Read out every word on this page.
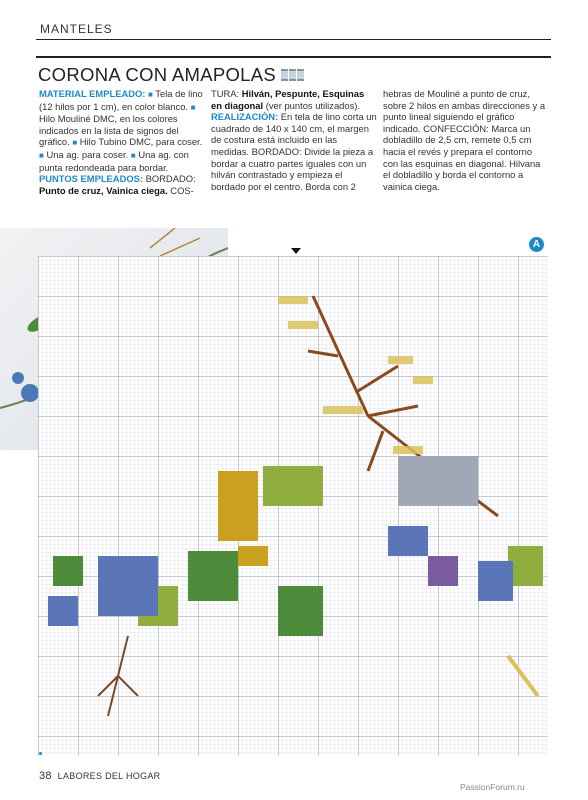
MANTELES
CORONA CON AMAPOLAS
MATERIAL EMPLEADO: ■ Tela de lino (12 hilos por 1 cm), en color blanco. ■ Hilo Mouliné DMC, en los colores indicados en la lista de signos del gráfico. ■ Hilo Tubino DMC, para coser. ■ Una ag. para coser. ■ Una ag. con punta redondeada para bordar. PUNTOS EMPLEADOS: BORDADO: Punto de cruz, Vainica ciega. COS-
TURA: Hilván, Pespunte, Esquinas en diagonal (ver puntos utilizados). REALIZACIÓN: En tela de lino corta un cuadrado de 140 x 140 cm, el margen de costura está incluido en las medidas. BORDADO: Divide la pieza a bordar a cuatro partes iguales con un hilván contrastado y empieza el bordado por el centro. Borda con 2
hebras de Mouliné a punto de cruz, sobre 2 hilos en ambas direcciones y a punto lineal siguiendo el gráfico indicado. CONFECCIÓN: Marca un dobladillo de 2,5 cm, remete 0,5 cm hacia el revés y prepara el contorno con las esquinas en diagonal. Hilvana el dobladillo y borda el contorno a vainica ciega.
A
38 LABORES DEL HOGAR
PassionForum.ru
